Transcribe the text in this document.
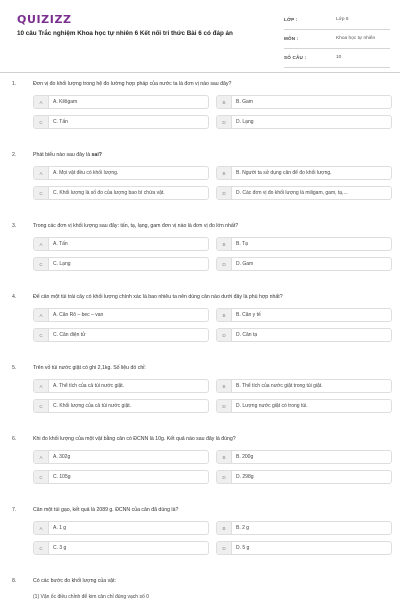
QUIZIZZ
10 câu Trắc nghiệm Khoa học tự nhiên 6 Kết nối tri thức Bài 6 có đáp án
LỚP :	Lớp 6
MÔN :	Khoa học tự nhiên
SỐ CÂU :	10
1.	Đơn vị đo khối lượng trong hệ đo lường hợp pháp của nước ta là đơn vị nào sau đây?
A	A. Kilôgam	B	B. Gam
C	C. Tấn	D	D. Lạng
2.	Phát biểu nào sau đây là sai?
A	A. Mọi vật đều có khối lượng.	B	B. Người ta sử dụng cân để đo khối lượng.
C	C. Khối lượng là số đo của lượng bao bì chứa vật.	D	D. Các đơn vị đo khối lượng là miligam, gam, tạ,...
3.	Trong các đơn vị khối lượng sau đây: tấn, tạ, lạng, gam đơn vị nào là đơn vị đo lớn nhất?
A	A. Tấn	B	B. Tạ
C	C. Lạng	D	D. Gam
4.	Để cân một túi trái cây có khối lượng chính xác là bao nhiêu ta nên dùng cân nào dưới đây là phù hợp nhất?
A	A. Cân Rô – bec – van	B	B. Cân y tế
C	C. Cân điện tử	D	D. Cân tạ
5.	Trên vỏ túi nước giặt có ghi 2,1kg. Số liệu đó chỉ:
A	A. Thể tích của cả túi nước giặt.	B	B. Thể tích của nước giặt trong túi giặt.
C	C. Khối lượng của cả túi nước giặt.	D	D. Lượng nước giặt có trong túi.
6.	Khi đo khối lượng của một vật bằng cân có ĐCNN là 10g. Kết quả nào sau đây là đúng?
A	A. 302g	B	B. 200g
C	C. 105g	D	D. 298g
7.	Cân một túi gạo, kết quả là 2089 g. ĐCNN của cân đã dùng là?
A	A. 1 g	B	B. 2 g
C	C. 3 g	D	D. 5 g
8.	Có các bước đo khối lượng của vật:
(1) Vặn ốc điều chỉnh để kim cân chỉ đúng vạch số 0
